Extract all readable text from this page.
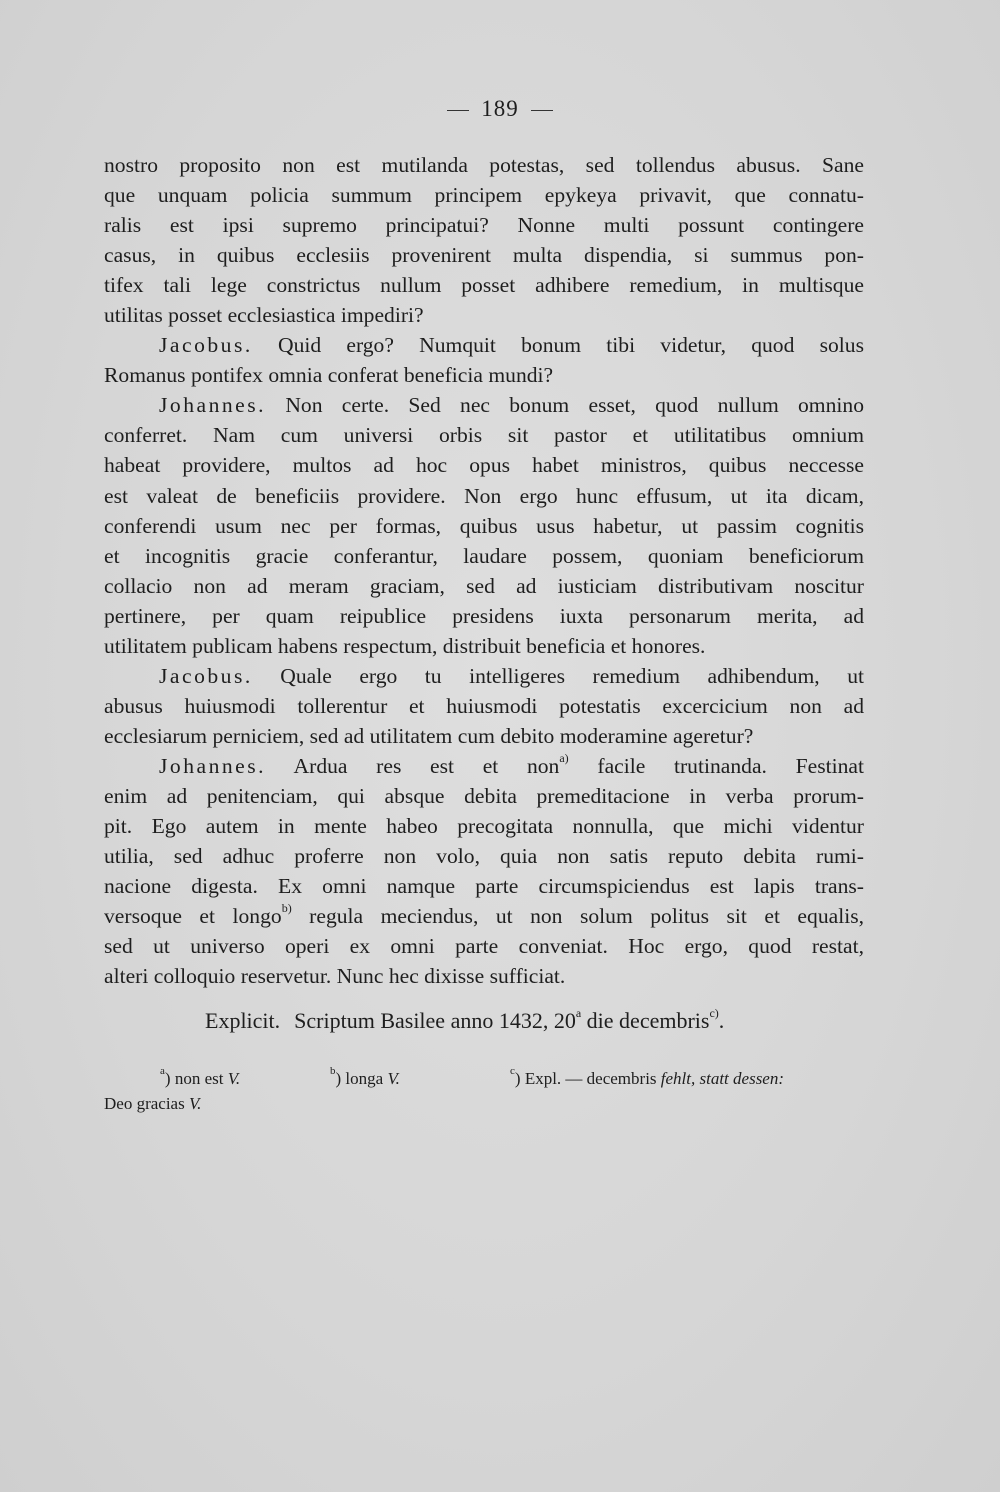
189
nostro proposito non est mutilanda potestas, sed tollendus abusus. Sane
que unquam policia summum principem epykeya privavit, que connatu-
ralis est ipsi supremo principatui? Nonne multi possunt contingere
casus, in quibus ecclesiis provenirent multa dispendia, si summus pon-
tifex tali lege constrictus nullum posset adhibere remedium, in multisque
utilitas posset ecclesiastica impediri?
Jacobus. Quid ergo? Numquit bonum tibi videtur, quod solus
Romanus pontifex omnia conferat beneficia mundi?
Johannes. Non certe. Sed nec bonum esset, quod nullum omnino
conferret. Nam cum universi orbis sit pastor et utilitatibus omnium
habeat providere, multos ad hoc opus habet ministros, quibus neccesse
est valeat de beneficiis providere. Non ergo hunc effusum, ut ita dicam,
conferendi usum nec per formas, quibus usus habetur, ut passim cognitis
et incognitis gracie conferantur, laudare possem, quoniam beneficiorum
collacio non ad meram graciam, sed ad iusticiam distributivam noscitur
pertinere, per quam reipublice presidens iuxta personarum merita, ad
utilitatem publicam habens respectum, distribuit beneficia et honores.
Jacobus. Quale ergo tu intelligeres remedium adhibendum, ut
abusus huiusmodi tollerentur et huiusmodi potestatis excercicium non ad
ecclesiarum perniciem, sed ad utilitatem cum debito moderamine ageretur?
Johannes. Ardua res est et non$^{a)}$ facile trutinanda. Festinat
enim ad penitenciam, qui absque debita premeditacione in verba prorum-
pit. Ego autem in mente habeo precogitata nonnulla, que michi videntur
utilia, sed adhuc proferre non volo, quia non satis reputo debita rumi-
nacione digesta. Ex omni namque parte circumspiciendus est lapis trans-
versoque et longo$^{b)}$ regula meciendus, ut non solum politus sit et equalis,
sed ut universo operi ex omni parte conveniat. Hoc ergo, quod restat,
alteri colloquio reservetur. Nunc hec dixisse sufficiat.
Explicit. Scriptum Basilee anno 1432, 20$^a$ die decembris$^{c)}$.
$^a$) non est V.	$^b$) longa V.	$^c$) Expl. — decembris fehlt, statt dessen:
Deo gracias V.
